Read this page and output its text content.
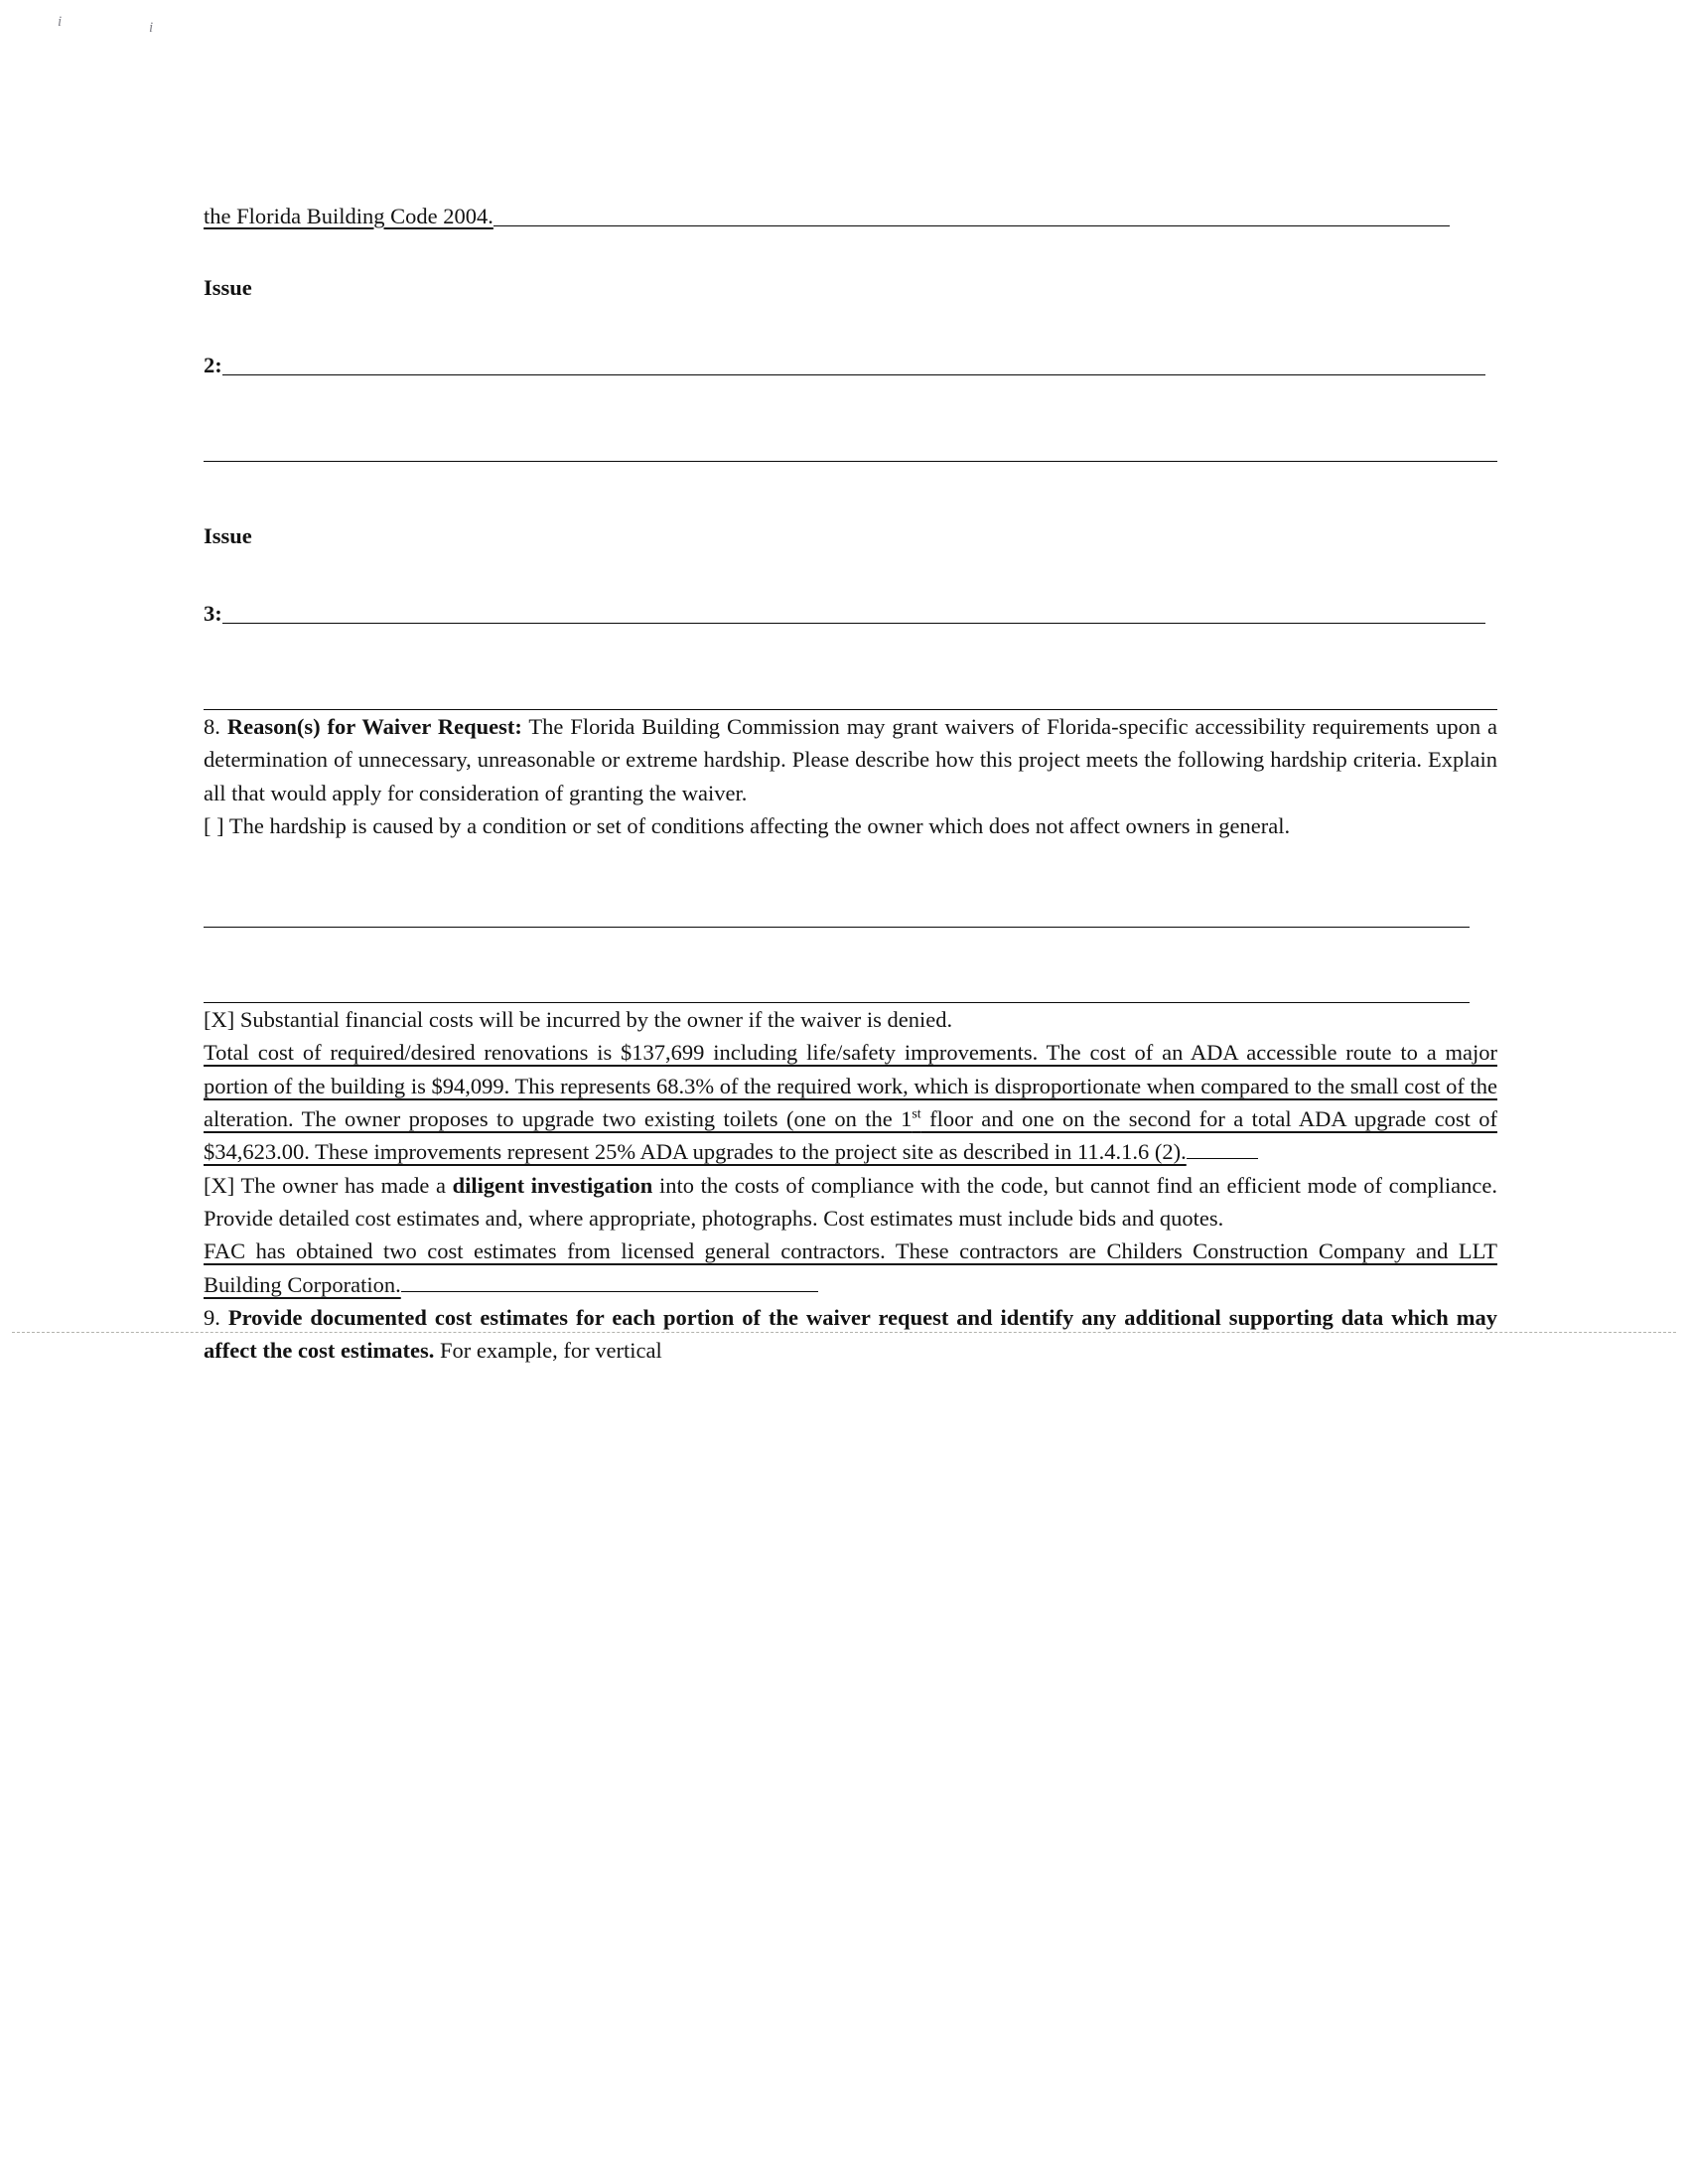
i	i
the Florida Building Code 2004.
Issue
2:
Issue
3:

8. Reason(s) for Waiver Request: The Florida Building Commission may grant waivers of Florida-specific accessibility requirements upon a determination of unnecessary, unreasonable or extreme hardship. Please describe how this project meets the following hardship criteria. Explain all that would apply for consideration of granting the waiver.

[ ] The hardship is caused by a condition or set of conditions affecting the owner which does not affect owners in general.

[X] Substantial financial costs will be incurred by the owner if the waiver is denied.

Total cost of required/desired renovations is $137,699 including life/safety improvements. The cost of an ADA accessible route to a major portion of the building is $94,099. This represents 68.3% of the required work, which is disproportionate when compared to the small cost of the alteration. The owner proposes to upgrade two existing toilets (one on the 1st floor and one on the second for a total ADA upgrade cost of $34,623.00. These improvements represent 25% ADA upgrades to the project site as described in 11.4.1.6 (2).

[X] The owner has made a diligent investigation into the costs of compliance with the code, but cannot find an efficient mode of compliance. Provide detailed cost estimates and, where appropriate, photographs. Cost estimates must include bids and quotes.

FAC has obtained two cost estimates from licensed general contractors. These contractors are Childers Construction Company and LLT Building Corporation.

9. Provide documented cost estimates for each portion of the waiver request and identify any additional supporting data which may affect the cost estimates. For example, for vertical
